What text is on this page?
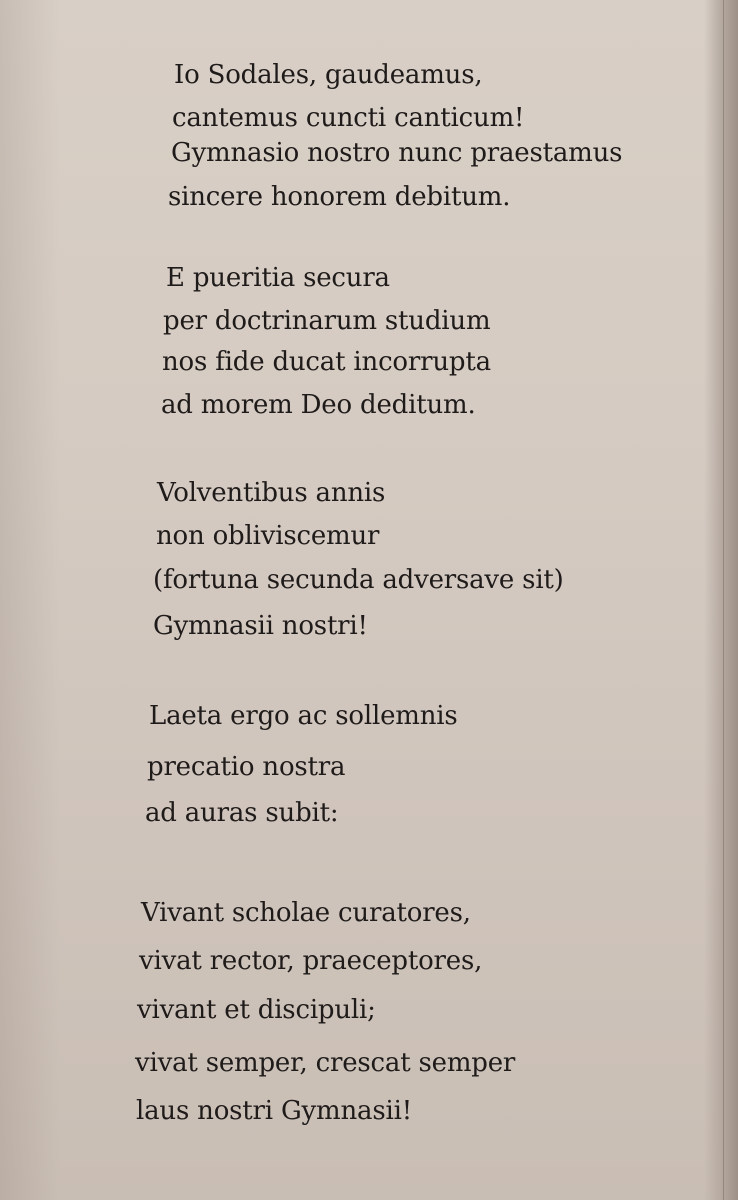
Io Sodales, gaudeamus,
cantemus cuncti canticum!
Gymnasio nostro nunc praestamus
sincere honorem debitum.
E pueritia secura
per doctrinarum studium
nos fide ducat incorrupta
ad morem Deo deditum.
Volventibus annis
non obliviscemur
(fortuna secunda adversave sit)
Gymnasii nostri!
Laeta ergo ac sollemnis
precatio nostra
ad auras subit:
Vivant scholae curatores,
vivat rector, praeceptores,
vivant et discipuli;
vivat semper, crescat semper
laus nostri Gymnasii!
